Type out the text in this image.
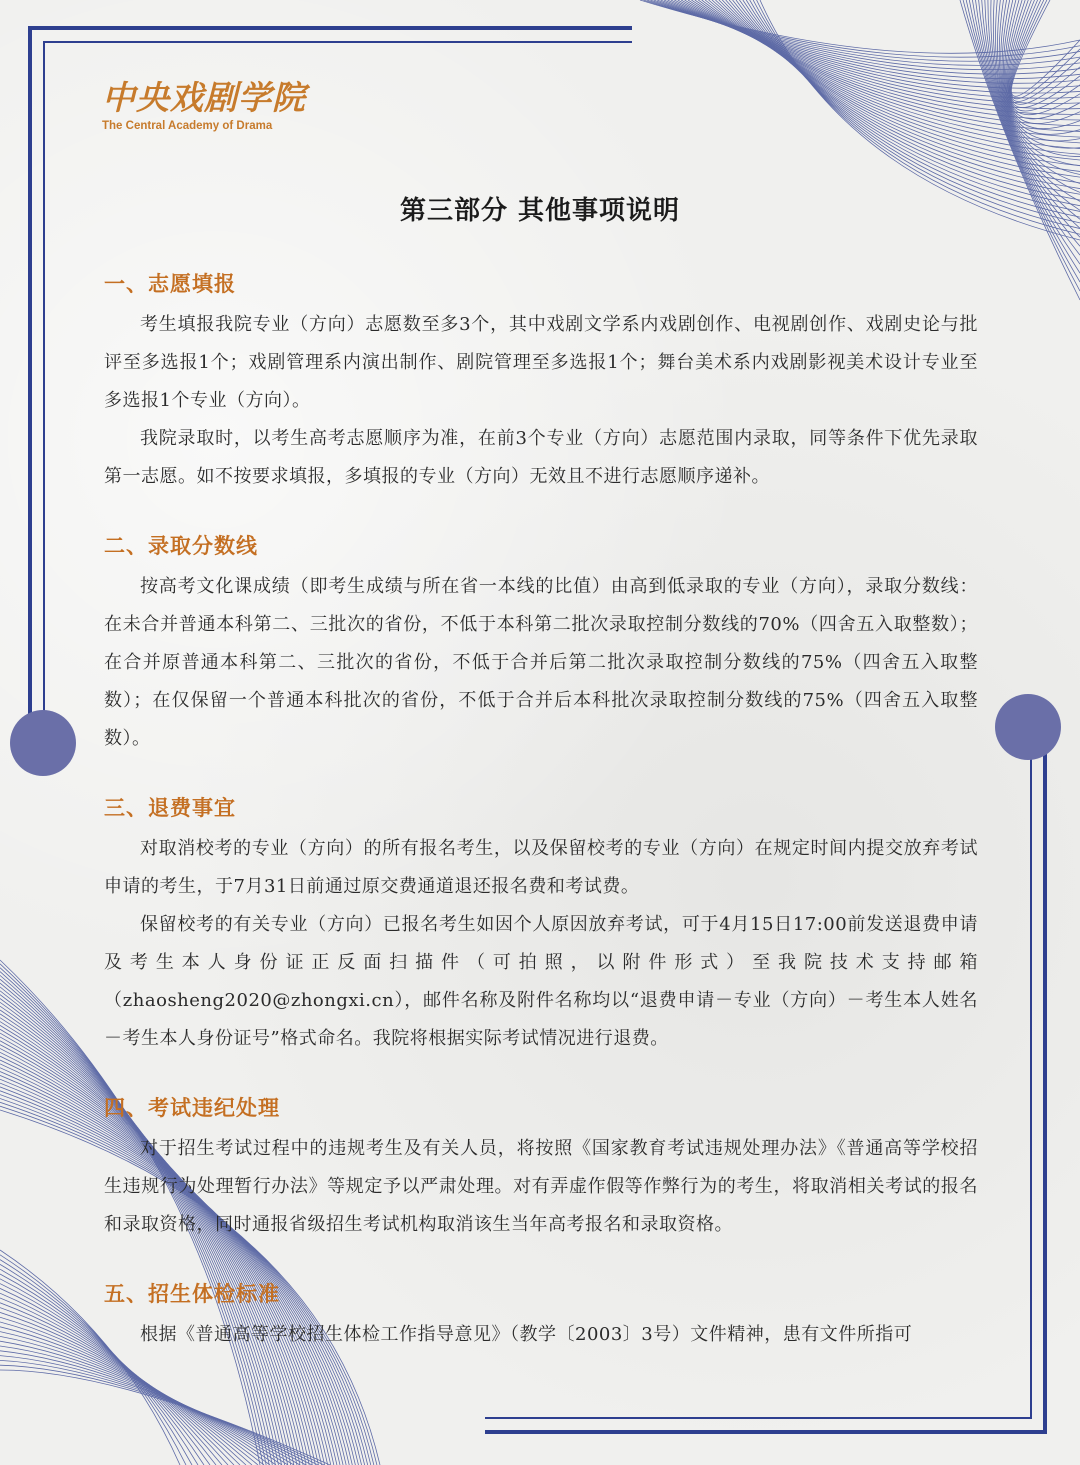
中央戏剧学院
The Central Academy of Drama
第三部分 其他事项说明
一、志愿填报

考生填报我院专业（方向）志愿数至多3个，其中戏剧文学系内戏剧创作、电视剧创作、戏剧史论与批评至多选报1个；戏剧管理系内演出制作、剧院管理至多选报1个；舞台美术系内戏剧影视美术设计专业至多选报1个专业（方向）。

我院录取时，以考生高考志愿顺序为准，在前3个专业（方向）志愿范围内录取，同等条件下优先录取第一志愿。如不按要求填报，多填报的专业（方向）无效且不进行志愿顺序递补。

二、录取分数线

按高考文化课成绩（即考生成绩与所在省一本线的比值）由高到低录取的专业（方向），录取分数线：在未合并普通本科第二、三批次的省份，不低于本科第二批次录取控制分数线的70%（四舍五入取整数）；在合并原普通本科第二、三批次的省份，不低于合并后第二批次录取控制分数线的75%（四舍五入取整数）；在仅保留一个普通本科批次的省份，不低于合并后本科批次录取控制分数线的75%（四舍五入取整数）。

三、退费事宜

对取消校考的专业（方向）的所有报名考生，以及保留校考的专业（方向）在规定时间内提交放弃考试申请的考生，于7月31日前通过原交费通道退还报名费和考试费。

保留校考的有关专业（方向）已报名考生如因个人原因放弃考试，可于4月15日17:00前发送退费申请及考生本人身份证正反面扫描件（可拍照，以附件形式）至我院技术支持邮箱（zhaosheng2020@zhongxi.cn），邮件名称及附件名称均以“退费申请－专业（方向）－考生本人姓名－考生本人身份证号”格式命名。我院将根据实际考试情况进行退费。

四、考试违纪处理

对于招生考试过程中的违规考生及有关人员，将按照《国家教育考试违规处理办法》《普通高等学校招生违规行为处理暂行办法》等规定予以严肃处理。对有弄虚作假等作弊行为的考生，将取消相关考试的报名和录取资格，同时通报省级招生考试机构取消该生当年高考报名和录取资格。

五、招生体检标准

根据《普通高等学校招生体检工作指导意见》（教学〔2003〕3号）文件精神，患有文件所指可
